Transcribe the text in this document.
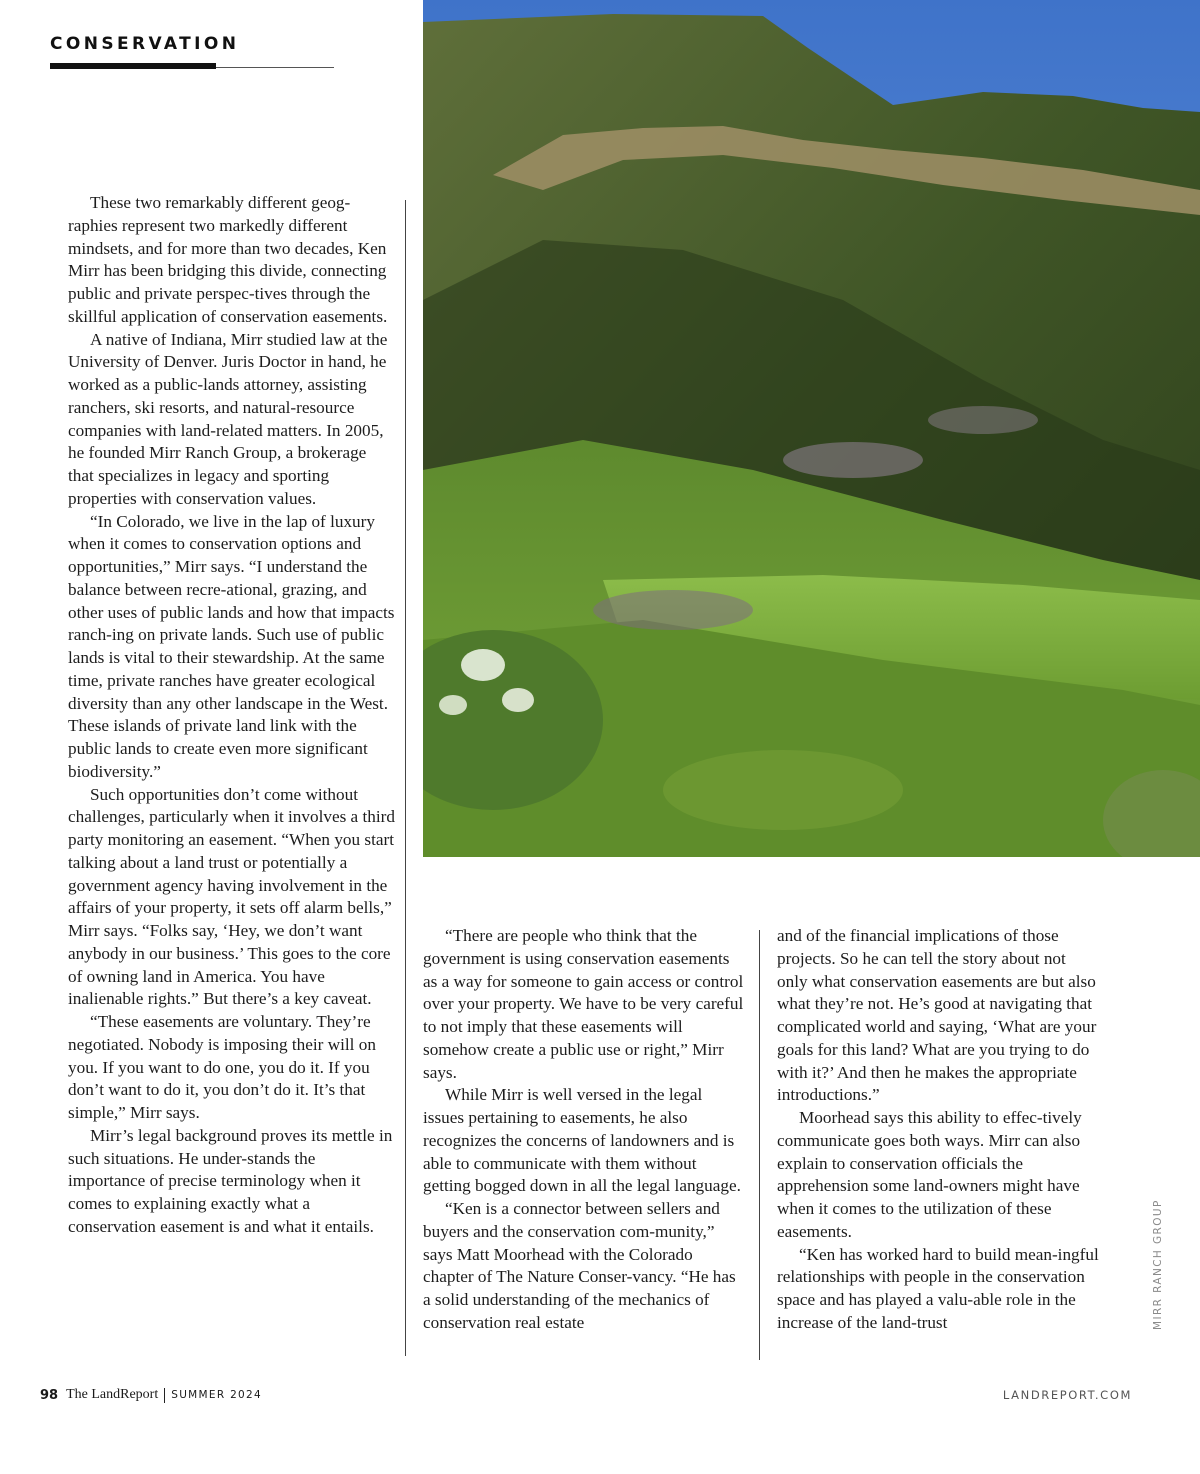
CONSERVATION

These two remarkably different geog-raphies represent two markedly different mindsets, and for more than two decades, Ken Mirr has been bridging this divide, connecting public and private perspec-tives through the skillful application of conservation easements.

A native of Indiana, Mirr studied law at the University of Denver. Juris Doctor in hand, he worked as a public-lands attorney, assisting ranchers, ski resorts, and natural-resource companies with land-related matters. In 2005, he founded Mirr Ranch Group, a brokerage that specializes in legacy and sporting properties with conservation values.

“In Colorado, we live in the lap of luxury when it comes to conservation options and opportunities,” Mirr says. “I understand the balance between recre-ational, grazing, and other uses of public lands and how that impacts ranch-ing on private lands. Such use of public lands is vital to their stewardship. At the same time, private ranches have greater ecological diversity than any other landscape in the West. These islands of private land link with the public lands to create even more significant biodiversity.”

Such opportunities don’t come without challenges, particularly when it involves a third party monitoring an easement. “When you start talking about a land trust or potentially a government agency having involvement in the affairs of your property, it sets off alarm bells,” Mirr says. “Folks say, ‘Hey, we don’t want anybody in our business.’ This goes to the core of owning land in America. You have inalienable rights.” But there’s a key caveat.

“These easements are voluntary. They’re negotiated. Nobody is imposing their will on you. If you want to do one, you do it. If you don’t want to do it, you don’t do it. It’s that simple,” Mirr says.

Mirr’s legal background proves its mettle in such situations. He under-stands the importance of precise terminology when it comes to explaining exactly what a conservation easement is and what it entails.

“There are people who think that the government is using conservation easements as a way for someone to gain access or control over your property. We have to be very careful to not imply that these easements will somehow create a public use or right,” Mirr says.

While Mirr is well versed in the legal issues pertaining to easements, he also recognizes the concerns of landowners and is able to communicate with them without getting bogged down in all the legal language.

“Ken is a connector between sellers and buyers and the conservation com-munity,” says Matt Moorhead with the Colorado chapter of The Nature Conser-vancy. “He has a solid understanding of the mechanics of conservation real estate

and of the financial implications of those projects. So he can tell the story about not only what conservation easements are but also what they’re not. He’s good at navigating that complicated world and saying, ‘What are your goals for this land? What are you trying to do with it?’ And then he makes the appropriate introductions.”

Moorhead says this ability to effec-tively communicate goes both ways. Mirr can also explain to conservation officials the apprehension some land-owners might have when it comes to the utilization of these easements.

“Ken has worked hard to build mean-ingful relationships with people in the conservation space and has played a valu-able role in the increase of the land-trust	MIRR RANCH GROUP
98 The LandReport SUMMER 2024	LANDREPORT.COM
